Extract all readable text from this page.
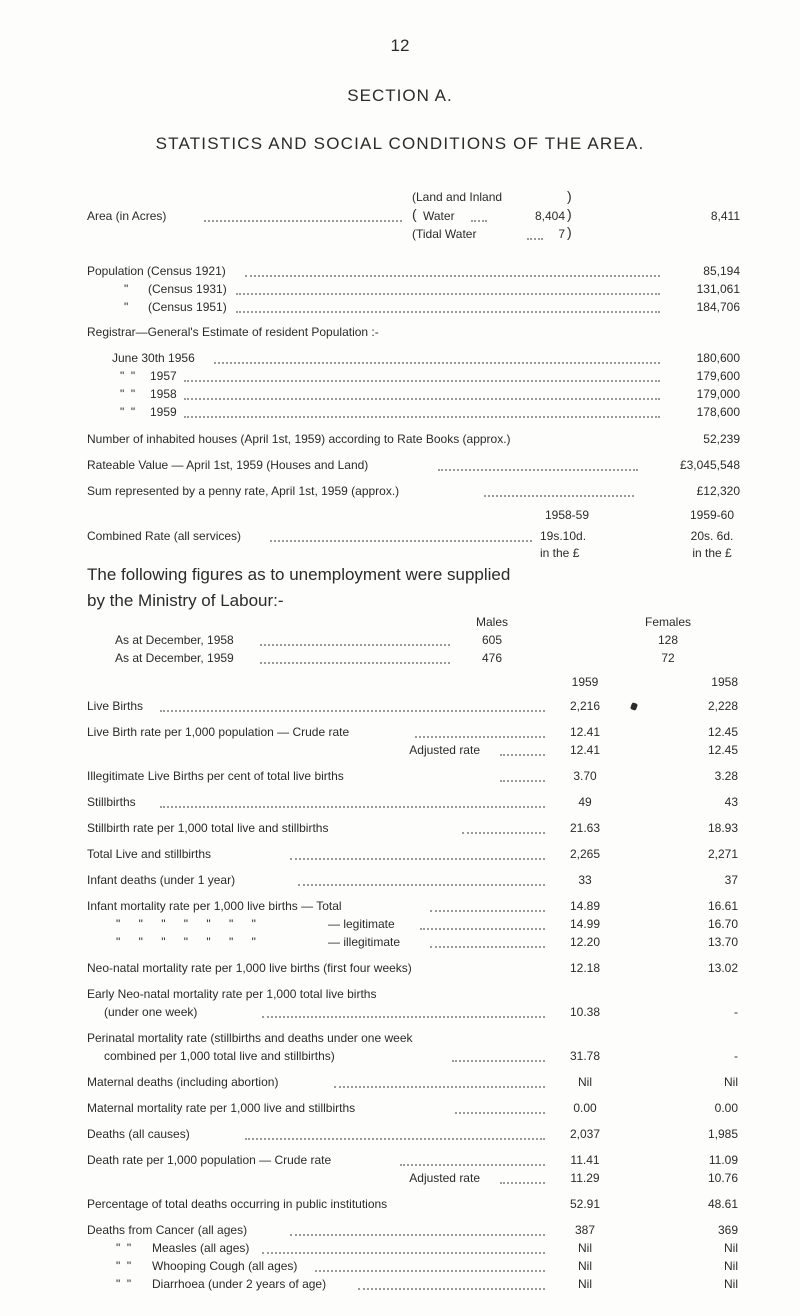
12
SECTION A.
STATISTICS AND SOCIAL CONDITIONS OF THE AREA.
(Land and Inland	)
Area (in Acres)	( Water	8,404 )	8,411
(Tidal Water	7 )
Population (Census 1921)	85,194
" (Census 1931)	131,061
" (Census 1951)	184,706
Registrar—General's Estimate of resident Population :-
June 30th 1956	180,600
"  " 1957	179,600
"  " 1958	179,000
"  " 1959	178,600
Number of inhabited houses (April 1st, 1959) according to Rate Books (approx.)	52,239
Rateable Value — April 1st, 1959 (Houses and Land)	£3,045,548
Sum represented by a penny rate, April 1st, 1959 (approx.)	£12,320
1958-59	1959-60
Combined Rate (all services)	19s.10d.	20s. 6d.
in the £	in the £
The following figures as to unemployment were supplied
by the Ministry of Labour:-
Males	Females
As at December, 1958	605	128
As at December, 1959	476	72
1959	1958
Live Births	2,216	2,228
Live Birth rate per 1,000 population — Crude rate	12.41	12.45
Adjusted rate	12.41	12.45
Illegitimate Live Births per cent of total live births	3.70	3.28
Stillbirths	49	43
Stillbirth rate per 1,000 total live and stillbirths	21.63	18.93
Total Live and stillbirths	2,265	2,271
Infant deaths (under 1 year)	33	37
Infant mortality rate per 1,000 live births — Total	14.89	16.61
" " " " " " "	— legitimate	14.99	16.70
" " " " " " "	— illegitimate	12.20	13.70
Neo-natal mortality rate per 1,000 live births (first four weeks)	12.18	13.02
Early Neo-natal mortality rate per 1,000 total live births
(under one week)	10.38	-
Perinatal mortality rate (stillbirths and deaths under one week
combined per 1,000 total live and stillbirths)	31.78	-
Maternal deaths (including abortion)	Nil	Nil
Maternal mortality rate per 1,000 live and stillbirths	0.00	0.00
Deaths (all causes)	2,037	1,985
Death rate per 1,000 population — Crude rate	11.41	11.09
Adjusted rate	11.29	10.76
Percentage of total deaths occurring in public institutions	52.91	48.61
Deaths from Cancer (all ages)	387	369
"  " Measles (all ages)	Nil	Nil
"  " Whooping Cough (all ages)	Nil	Nil
"  " Diarrhoea (under 2 years of age)	Nil	Nil
